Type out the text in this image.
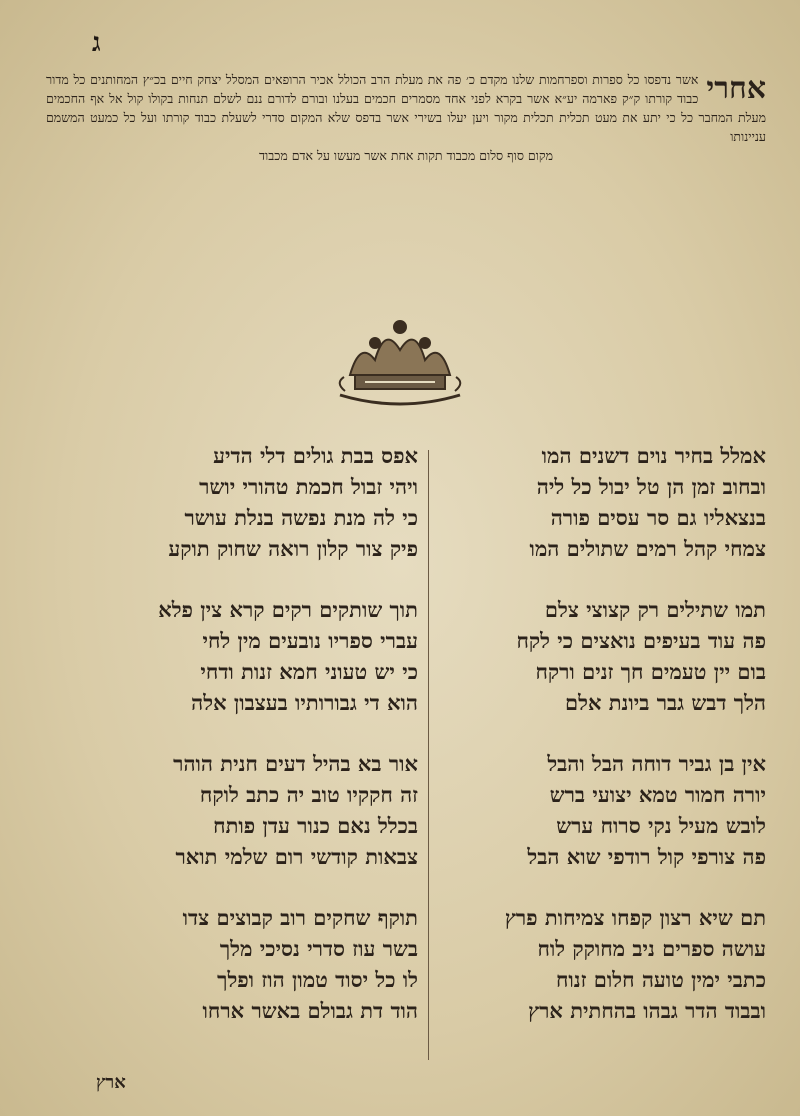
ג
אחרי
אשר נדפסו כל ספרות וספרחמות שלנו מקדם כ׳ פה את מעלת הרב הכולל אכיר הרופאים המסלל יצחק חיים בכ״ץ המחותנים כל מדור כבוד קורתו ק״ק פארמה יע״א אשר בקרא לפני אחד מסמרים חכמים בעלנו ובורם לדורם ננם לשלם תנחות בקולו קול אל אף החכמים מעלת המחבר כל כי יתע את מעט תכלית תכלית מקור ויען יעלו בשירי אשר בדפס שלא המקום סדרי לשעלת כבוד קורתו ועל כל כמעט המשמם עניינותו
מקום סוף סלום מכבוד תקות אחת אשר מעשו על אדם מכבוד
אמלל בחיר נוים דשנים המו
ובחוב זמן הן טל יבול כל ליה
בנצאליו גם סר עסים פורה
צמחי קהל רמים שתולים המו
תמו שתילים רק קצוצי צלם
פה עוד בעיפים נואצים כי לקח
בום יין טעמים חך זנים ורקח
הלך דבש גבר ביונת אלם
אין בן גביר דוחה הבל והבל
יורה חמור טמא יצועי ברש
לובש מעיל נקי סרוח ערש
פה צורפי קול רודפי שוא הבל
תם שיא רצון קפחו צמיחות פרץ
עושה ספרים ניב מחוקק לוח
כתבי ימין טועה חלום זנוח
ובבוד הדר גבהו בהחתית ארץ
אפס בבת גולים דלי הדיע
ויהי זבול חכמת טהורי יושר
כי לה מנת נפשה בנלת עושר
פיק צור קלון רואה שחוק תוקע
תוך שותקים רקים קרא צין פלא
עברי ספריו נובעים מין לחי
כי יש טעוני חמא זנות ודחי
הוא די גבורותיו בעצבון אלה
אור בא בהיל דעים חנית הוהר
זה חקקיו טוב יה כתב לוקח
בכלל נאם כנור עדן פותח
צבאות קודשי רום שלמי תואר
תוקף שחקים רוב קבוצים צדו
בשר עוז סדרי נסיכי מלך
לו כל יסוד טמון הוז ופלך
הוד דת גבולם באשר ארחו
ארץ
